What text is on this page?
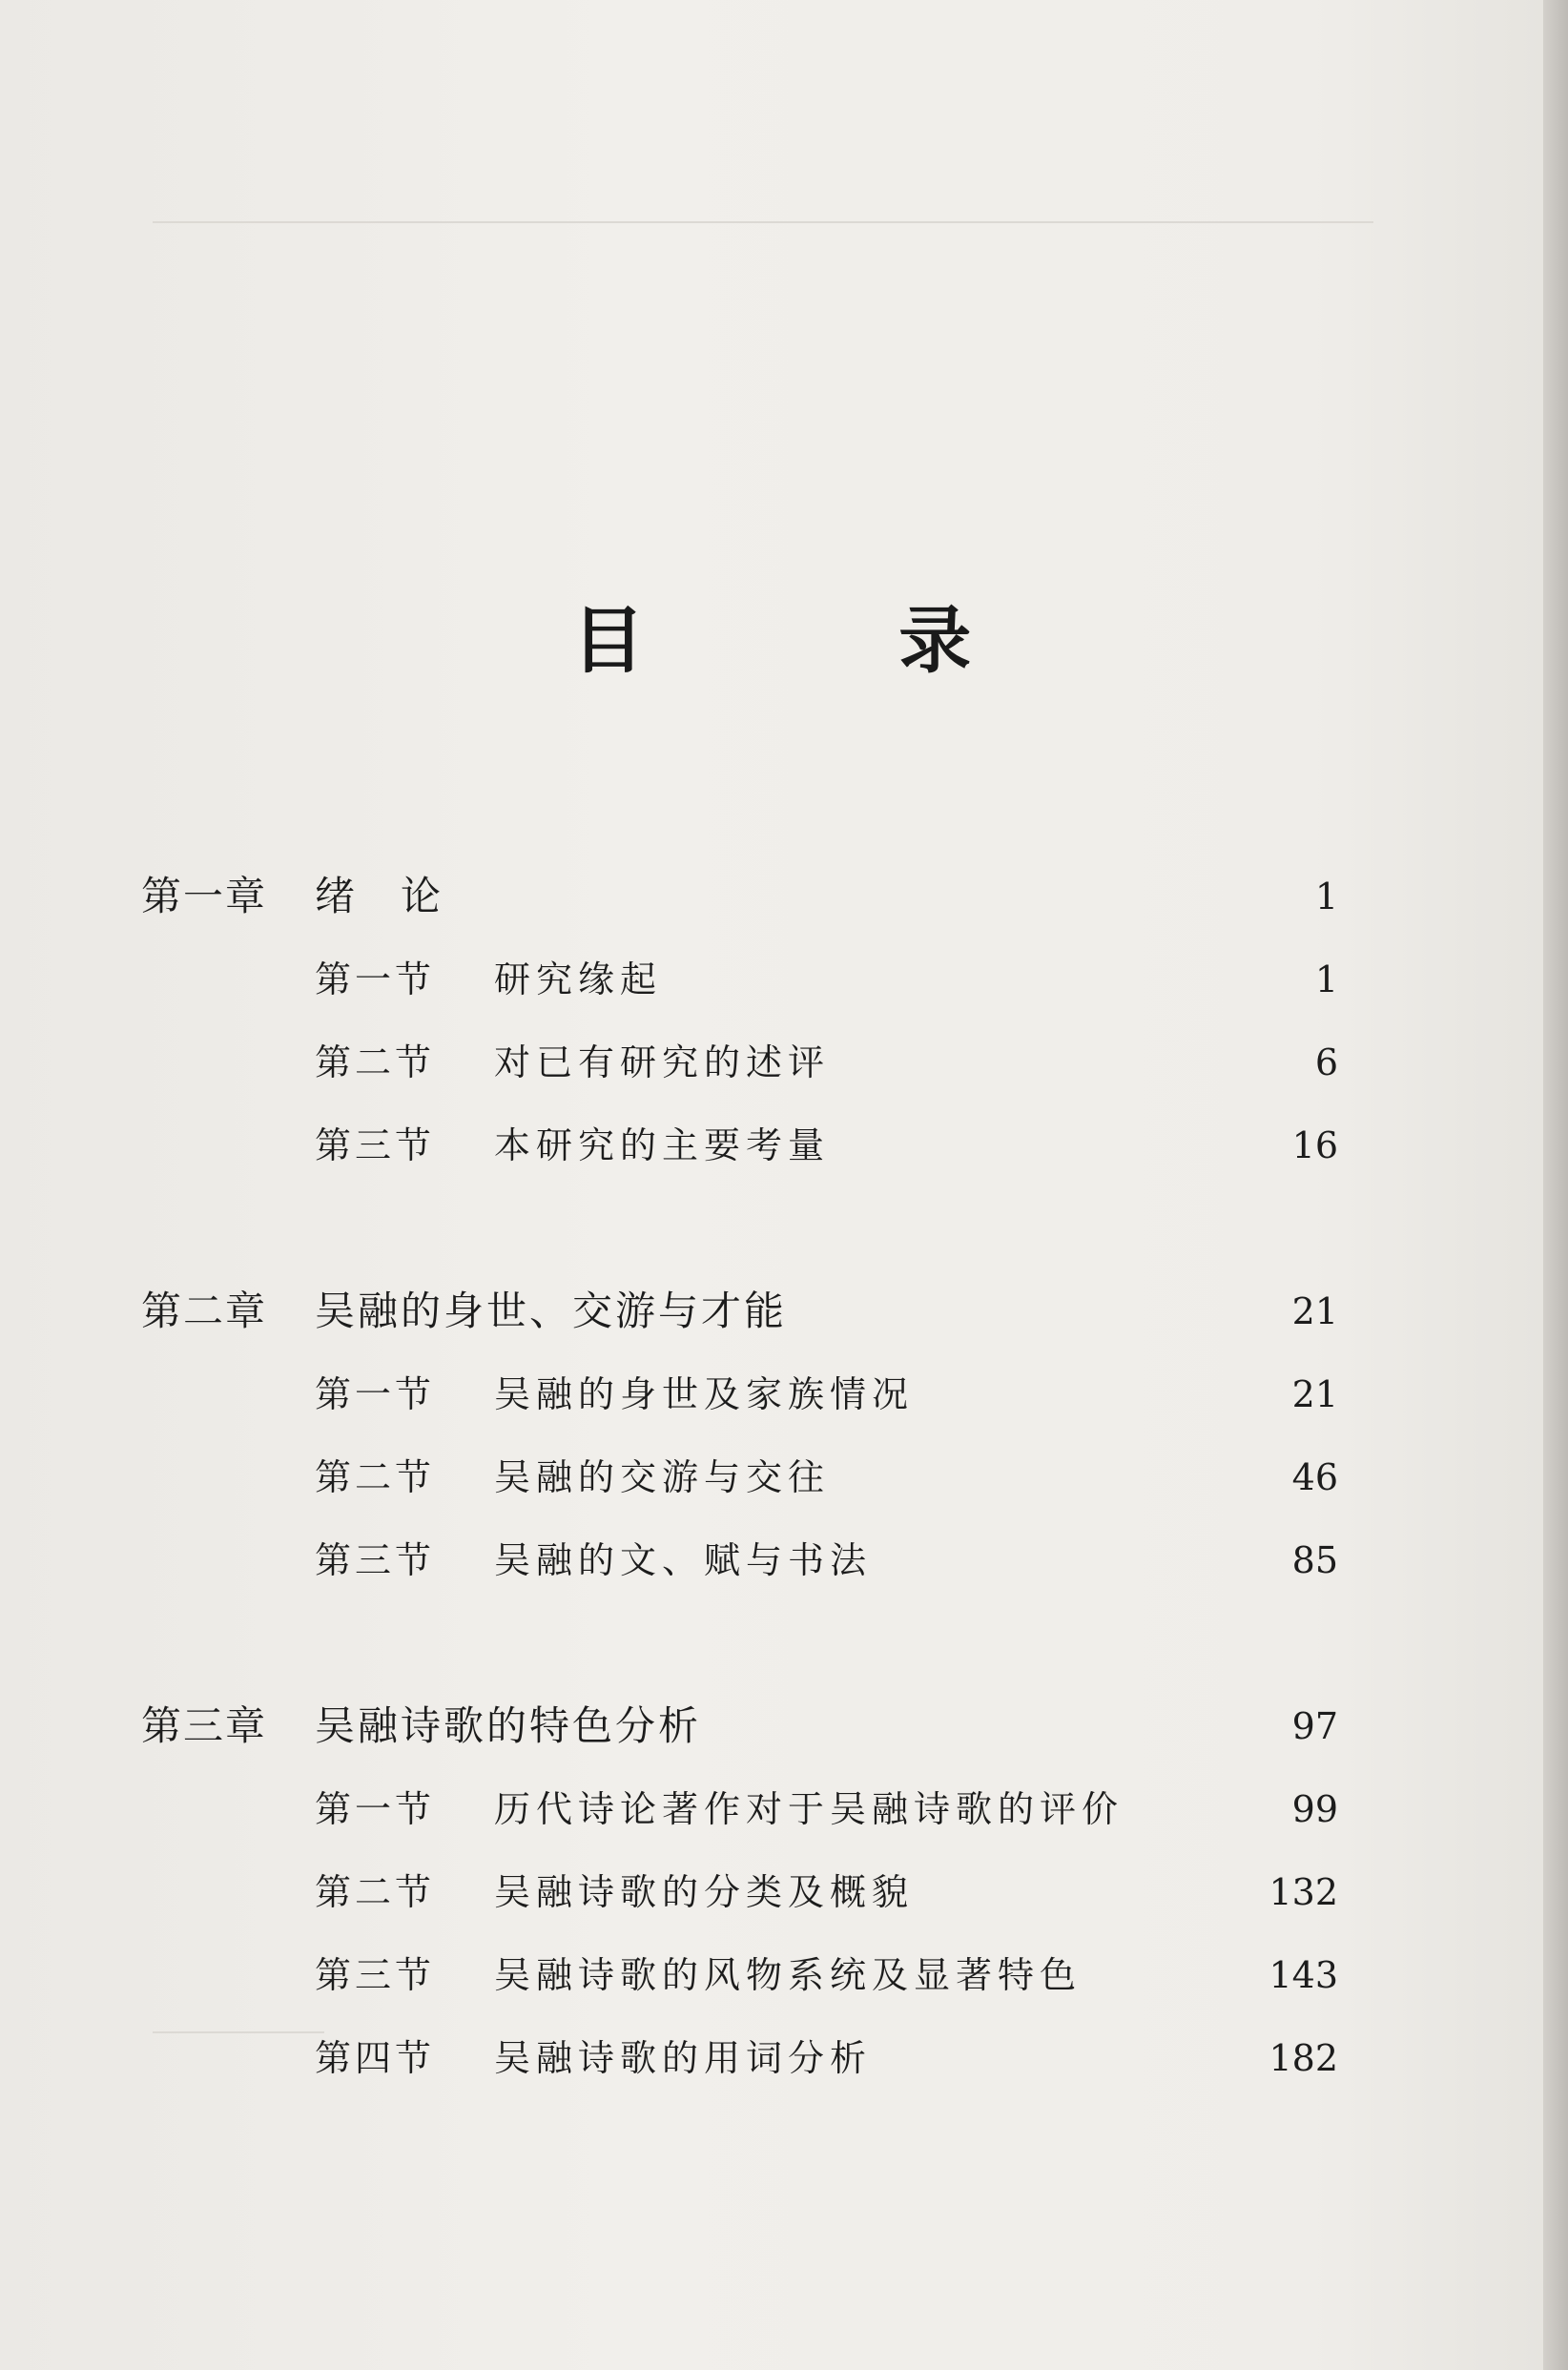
目 录
第一章 绪　论	1
第一节 研究缘起	1
第二节 对已有研究的述评	6
第三节 本研究的主要考量	16
第二章 吴融的身世、交游与才能	21
第一节 吴融的身世及家族情况	21
第二节 吴融的交游与交往	46
第三节 吴融的文、赋与书法	85
第三章 吴融诗歌的特色分析	97
第一节 历代诗论著作对于吴融诗歌的评价	99
第二节 吴融诗歌的分类及概貌	132
第三节 吴融诗歌的风物系统及显著特色	143
第四节 吴融诗歌的用词分析	182
